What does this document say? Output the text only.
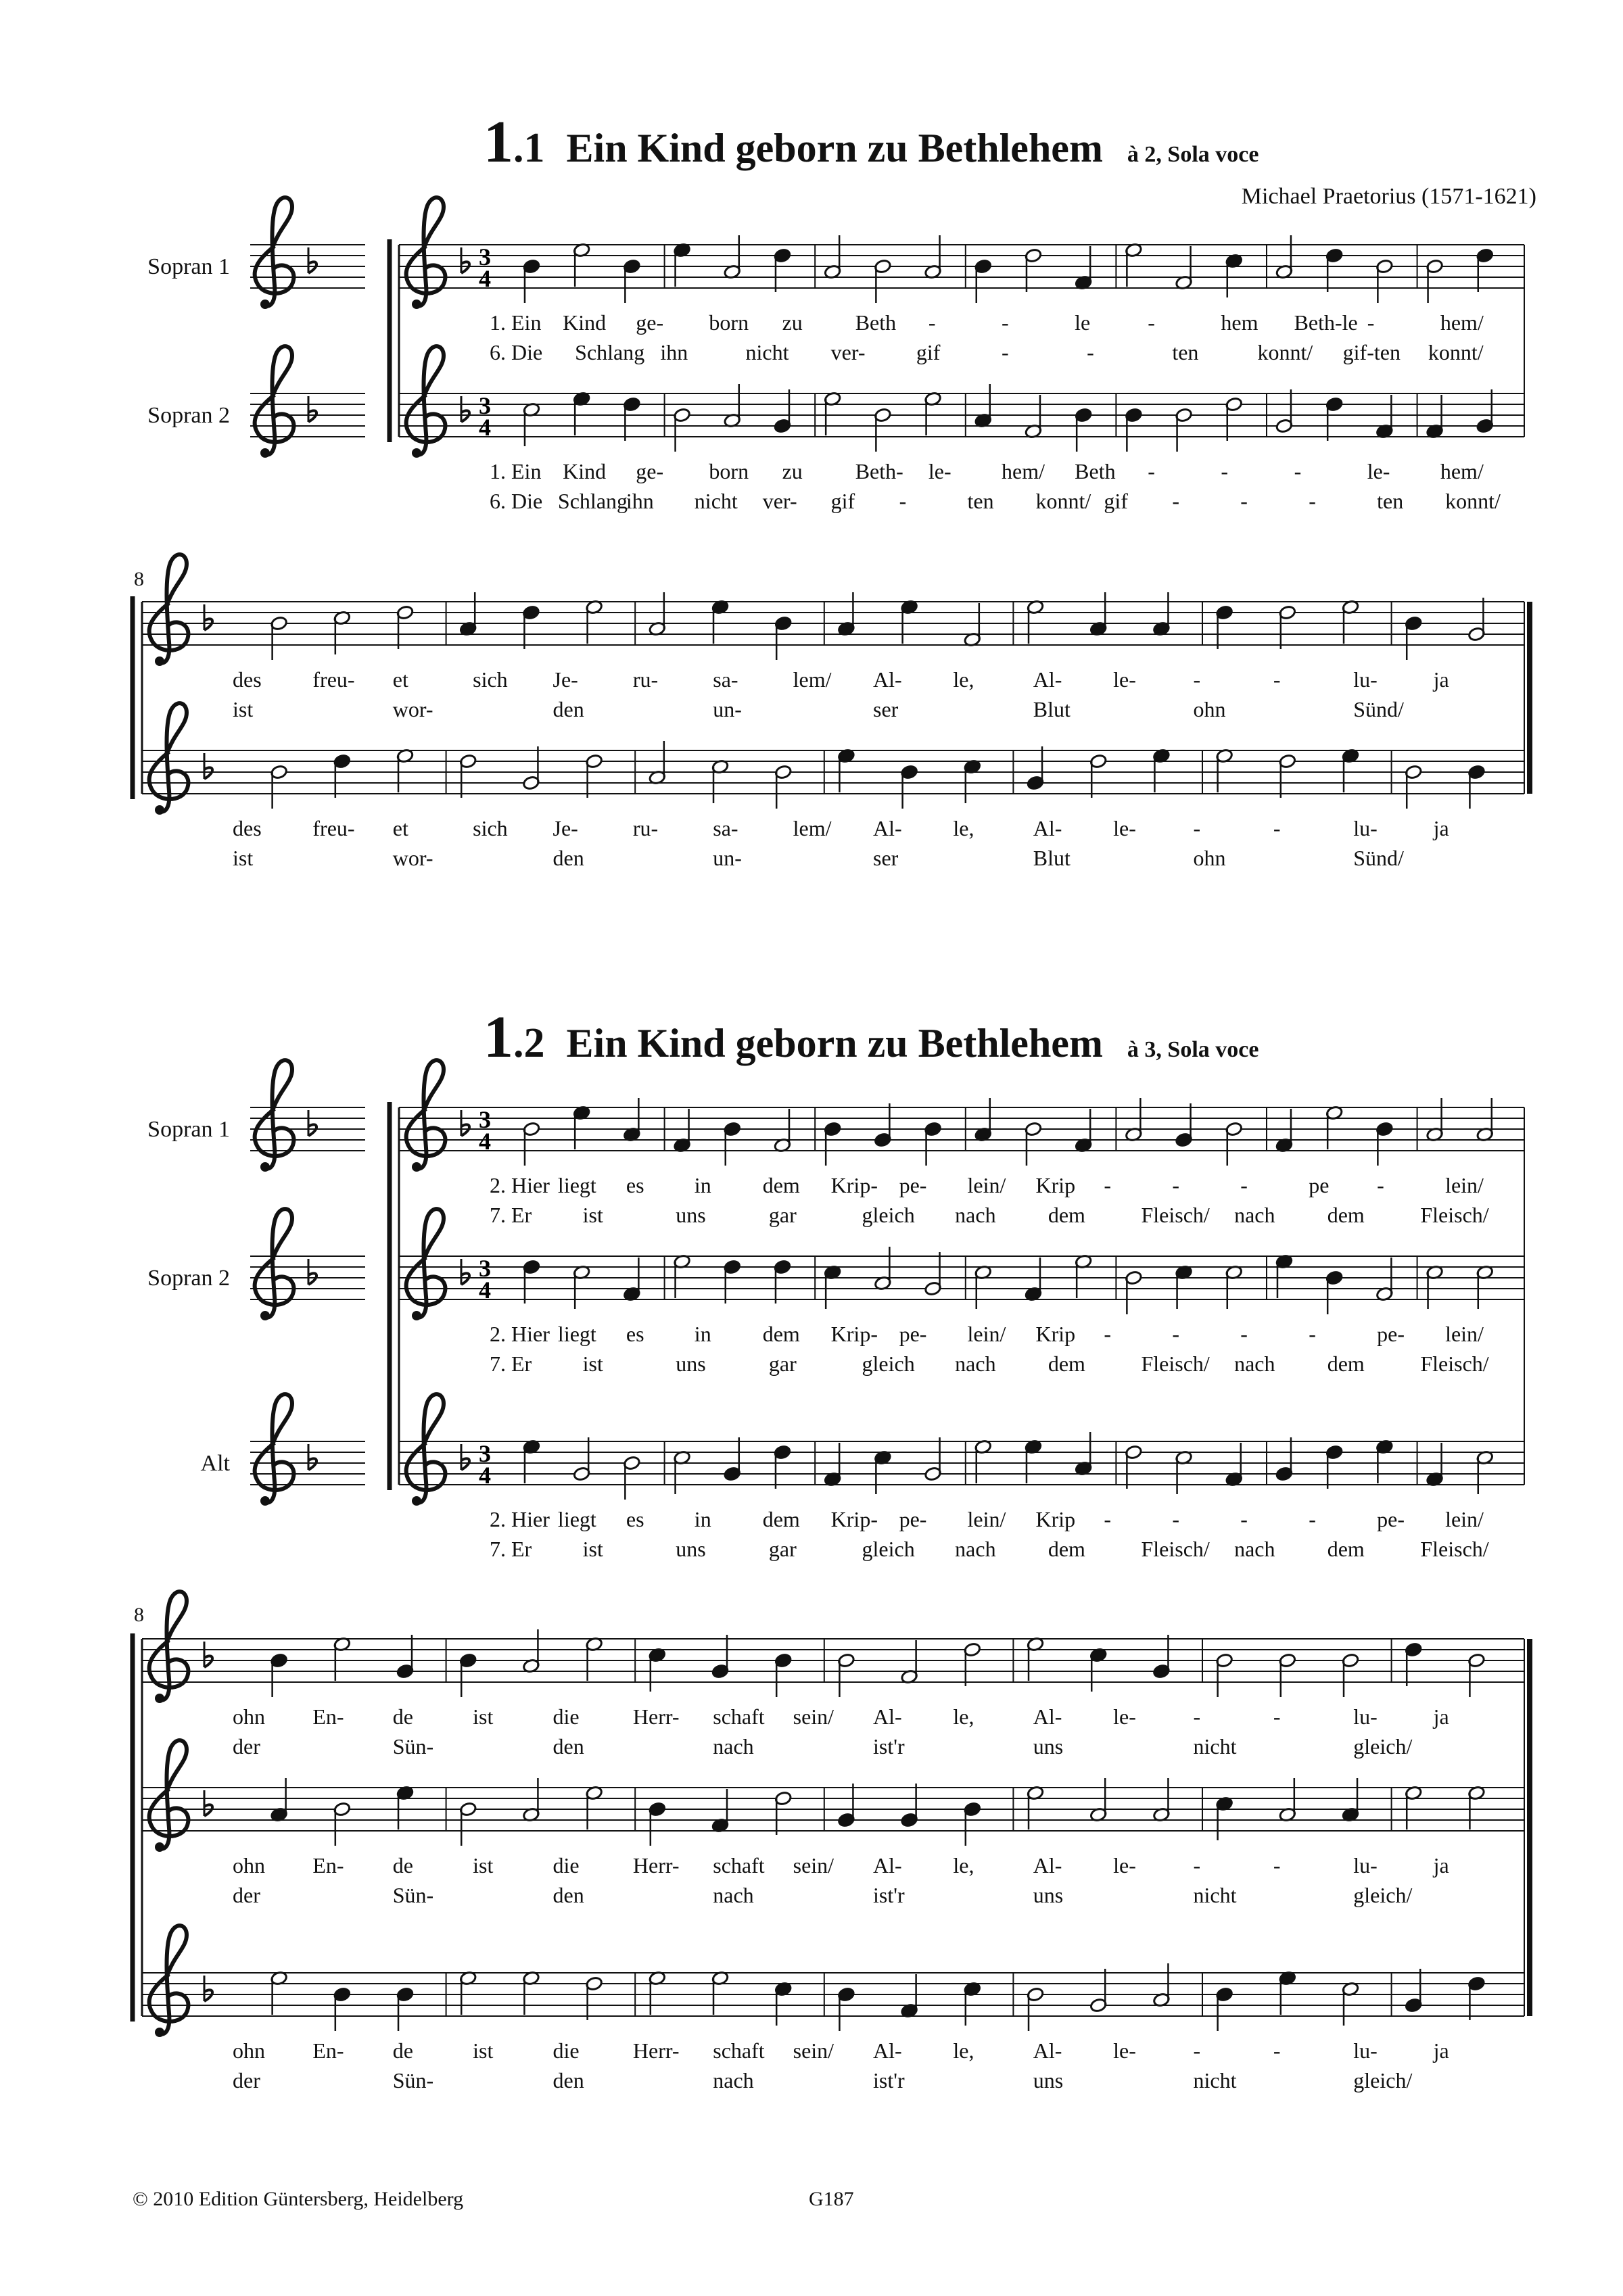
1. Ein Kind ge- born zu Beth -	-	le	-	hem Beth-le -	hem/
6. Die Schlang ihn	nicht ver- gif	-	-	ten	konnt/ gif-ten konnt/
1. Ein Kind ge- born zu Beth- le- hem/ Beth -	-	-	le- hem/
6. Die Schlang
ihn nicht ver- gif -	ten konnt/ gif -	-	-	ten konnt/
3
4
3
4
des freu- et	sich Je-	ru-	sa-	lem/ Al- le,	Al- le-	-	-	lu-	ja
ist	wor-	den	un-	ser	Blut	ohn	Sünd/
des freu- et	sich Je-	ru-	sa-	lem/ Al- le,	Al- le-	-	-	lu-	ja
ist	wor-	den	un-	ser	Blut	ohn	Sünd/
2. Hier liegt es in dem Krip- pe- lein/ Krip -	-	-	pe -	lein/
7. Er ist	uns	gar	gleich nach dem	Fleisch/ nach dem	Fleisch/
2. Hier liegt es in dem Krip- pe- lein/ Krip -	-	-	-	pe- lein/
7. Er ist	uns	gar	gleich nach dem	Fleisch/ nach dem	Fleisch/
2. Hier liegt es in dem Krip- pe- lein/ Krip -	-	-	-	pe- lein/
7. Er ist	uns	gar	gleich nach dem	Fleisch/ nach dem	Fleisch/
3
4
3
4
3
4
ohn En- de	ist	die Herr- schaft sein/ Al- le,	Al- le-	-	-	lu-	ja
der	Sün-	den	nach	ist'r	uns	nicht	gleich/
ohn En- de	ist	die Herr- schaft sein/ Al- le,	Al- le-	-	-	lu-	ja
der	Sün-	den	nach	ist'r	uns	nicht	gleich/
ohn En- de	ist	die Herr- schaft sein/ Al- le,	Al- le-	-	-	lu-	ja
der	Sün-	den	nach	ist'r	uns	nicht	gleich/
1.1 Ein Kind geborn zu Bethlehem à 2, Sola voce
Michael Praetorius (1571-1621)
Sopran 1
Sopran 2
8
1.2 Ein Kind geborn zu Bethlehem à 3, Sola voce
Sopran 1
Sopran 2
Alt
8
© 2010 Edition Güntersberg, Heidelberg	G187
